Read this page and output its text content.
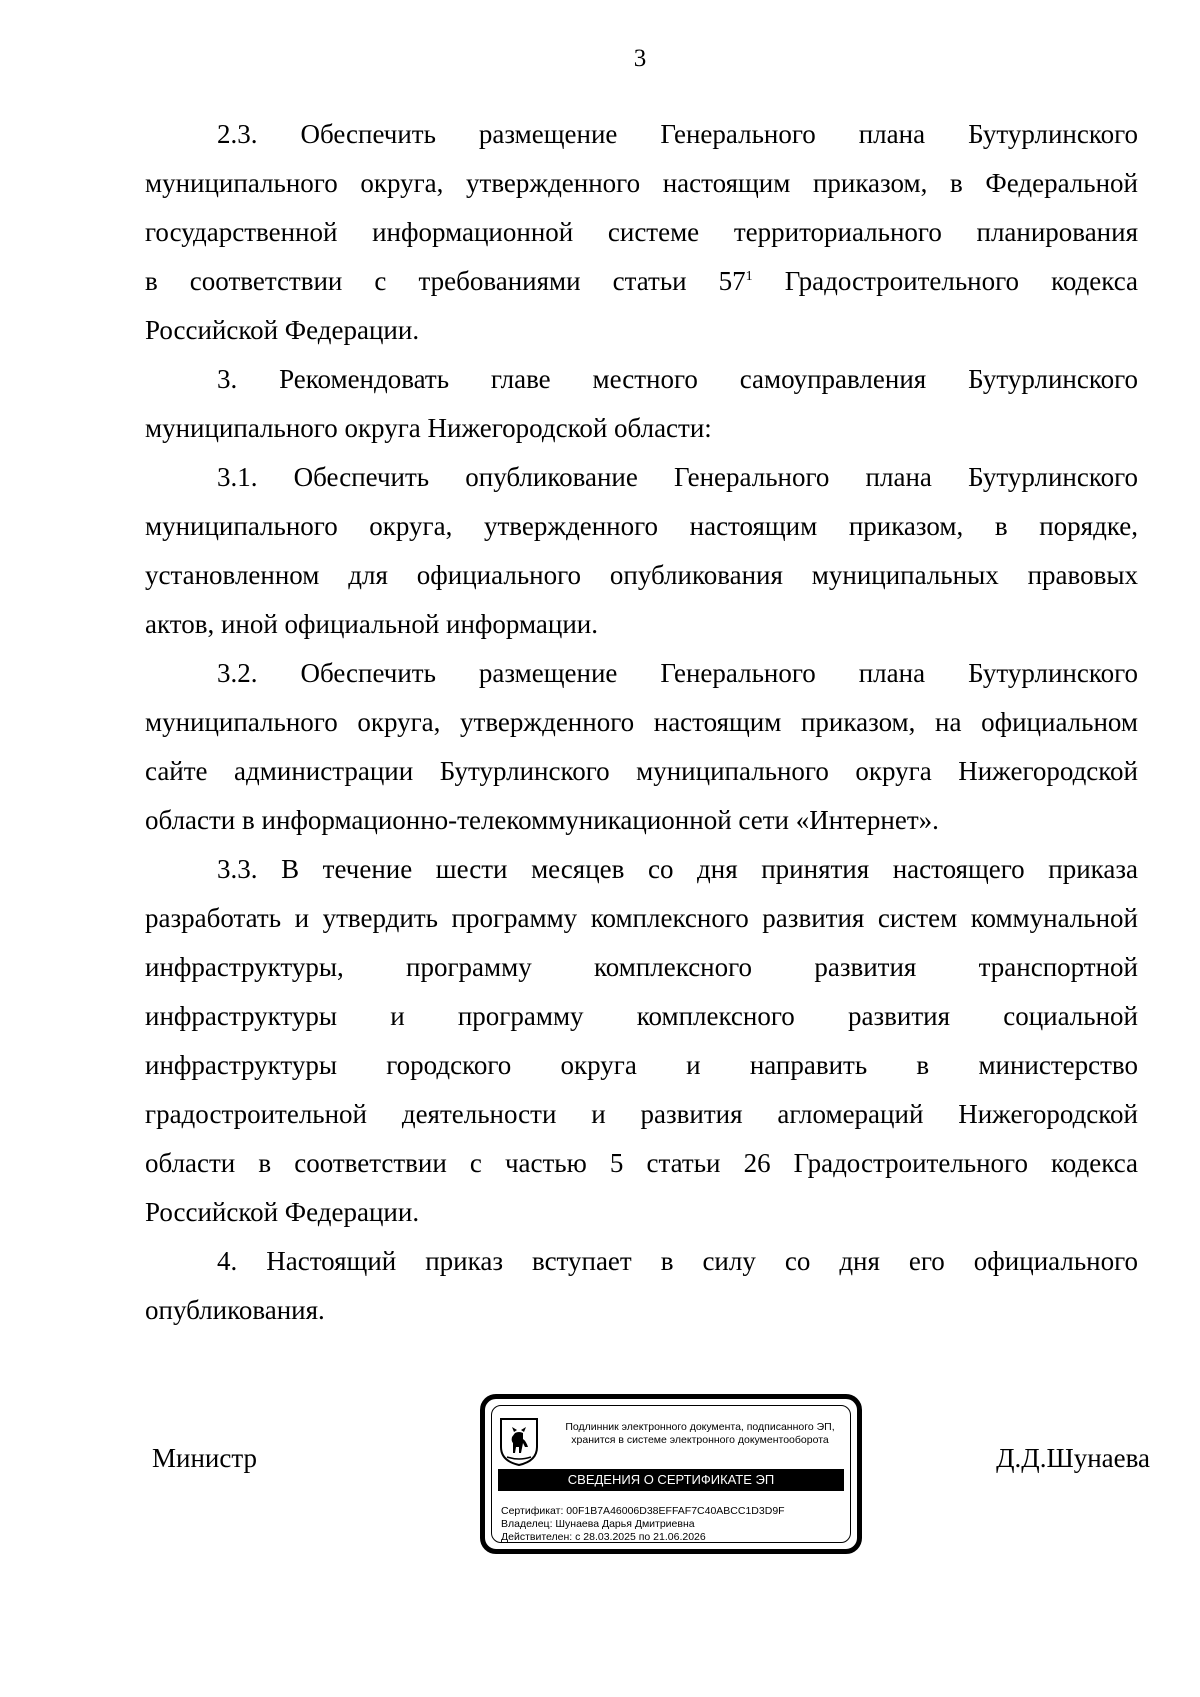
3

2.3. Обеспечить размещение Генерального плана Бутурлинского
муниципального округа, утвержденного настоящим приказом, в Федеральной
государственной информационной системе территориального планирования
в соответствии с требованиями статьи $57^1$ Градостроительного кодекса
Российской Федерации.

3. Рекомендовать главе местного самоуправления Бутурлинского
муниципального округа Нижегородской области:

3.1. Обеспечить опубликование Генерального плана Бутурлинского
муниципального округа, утвержденного настоящим приказом, в порядке,
установленном для официального опубликования муниципальных правовых
актов, иной официальной информации.

3.2. Обеспечить размещение Генерального плана Бутурлинского
муниципального округа, утвержденного настоящим приказом, на официальном
сайте администрации Бутурлинского муниципального округа Нижегородской
области в информационно-телекоммуникационной сети «Интернет».

3.3. В течение шести месяцев со дня принятия настоящего приказа
разработать и утвердить программу комплексного развития систем коммунальной
инфраструктуры, программу комплексного развития транспортной
инфраструктуры и программу комплексного развития социальной
инфраструктуры городского округа и направить в министерство
градостроительной деятельности и развития агломераций Нижегородской
области в соответствии с частью 5 статьи 26 Градостроительного кодекса
Российской Федерации.

4. Настоящий приказ вступает в силу со дня его официального
опубликования.

Министр	Д.Д.Шунаева
Подлинник электронного документа, подписанного ЭП,
хранится в системе электронного документооборота
СВЕДЕНИЯ О СЕРТИФИКАТЕ ЭП
Сертификат: 00F1B7A46006D38EFFAF7C40ABCC1D3D9F
Владелец: Шунаева Дарья Дмитриевна
Действителен: с 28.03.2025 по 21.06.2026
